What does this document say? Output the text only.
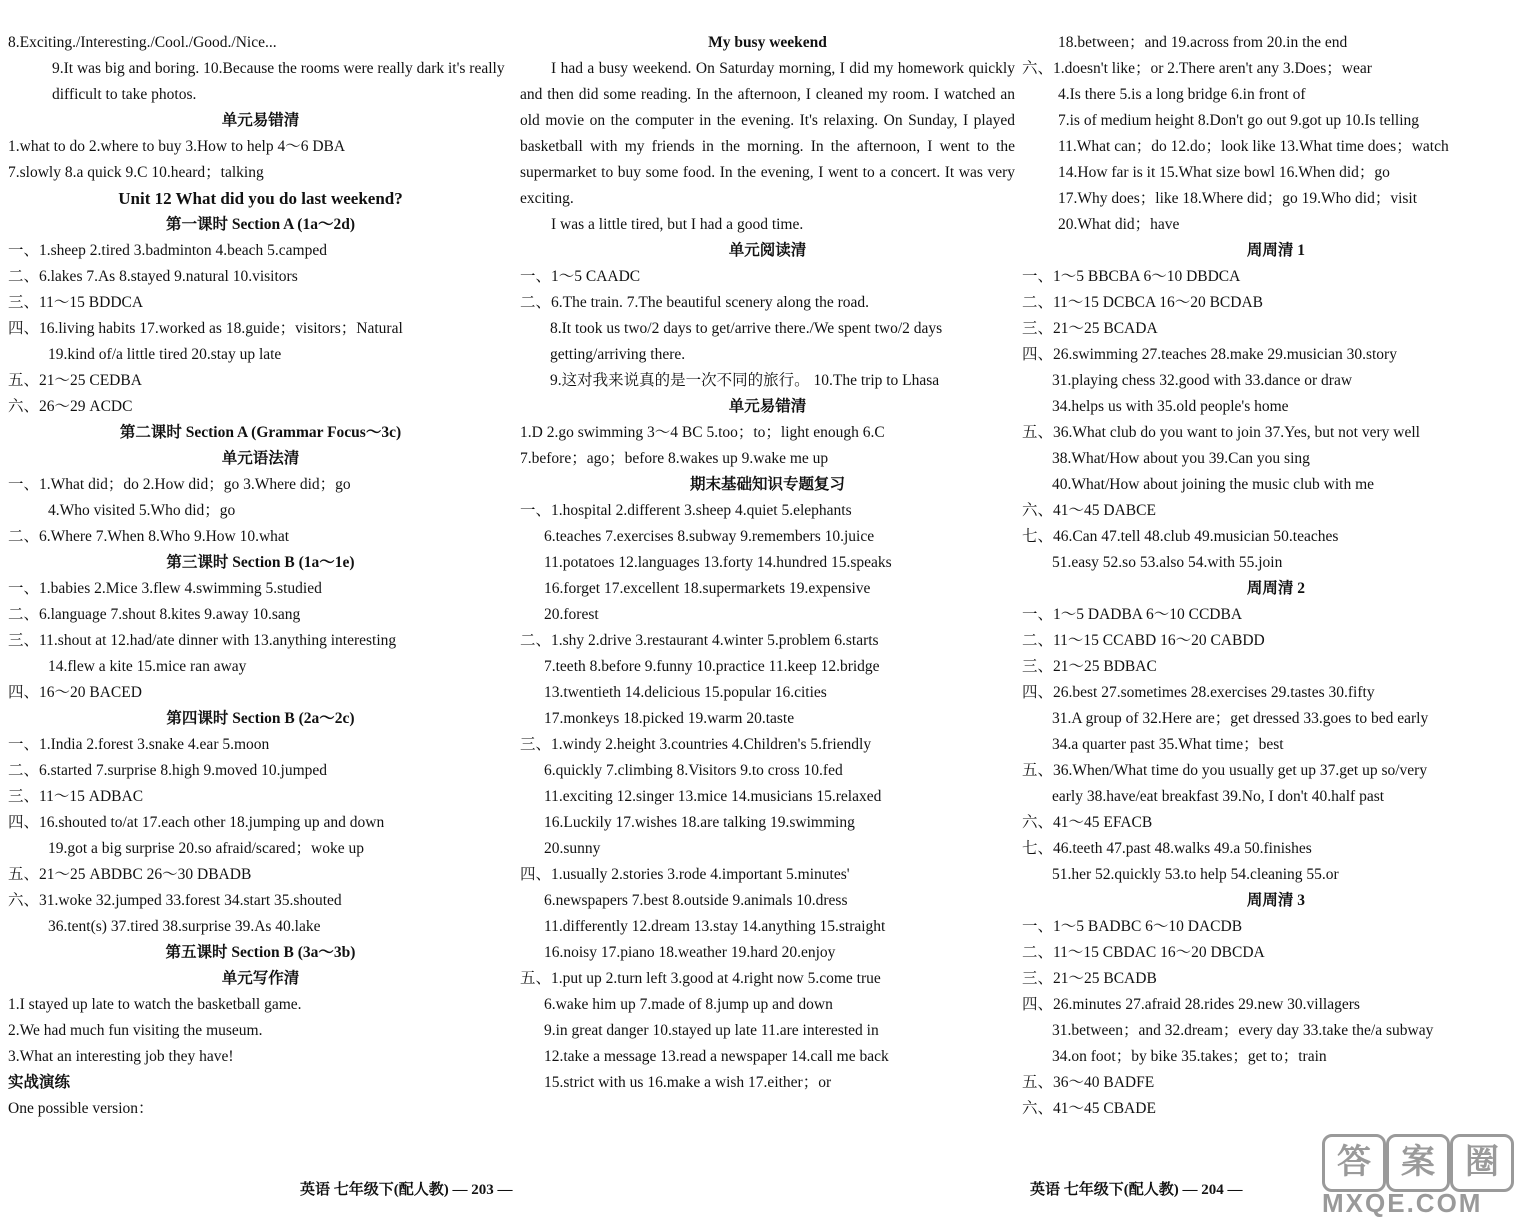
8.Exciting./Interesting./Cool./Good./Nice...
9.It was big and boring. 10.Because the rooms were really dark it's really difficult to take photos.
单元易错清
1.what to do 2.where to buy 3.How to help 4～6 DBA
7.slowly 8.a quick 9.C 10.heard；talking
Unit 12 What did you do last weekend?
第一课时 Section A (1a～2d)
一、1.sheep 2.tired 3.badminton 4.beach 5.camped
二、6.lakes 7.As 8.stayed 9.natural 10.visitors
三、11～15 BDDCA
四、16.living habits 17.worked as 18.guide；visitors；Natural
19.kind of/a little tired 20.stay up late
五、21～25 CEDBA
六、26～29 ACDC
第二课时 Section A (Grammar Focus～3c)
单元语法清
一、1.What did；do 2.How did；go 3.Where did；go
4.Who visited 5.Who did；go
二、6.Where 7.When 8.Who 9.How 10.what
第三课时 Section B (1a～1e)
一、1.babies 2.Mice 3.flew 4.swimming 5.studied
二、6.language 7.shout 8.kites 9.away 10.sang
三、11.shout at 12.had/ate dinner with 13.anything interesting
14.flew a kite 15.mice ran away
四、16～20 BACED
第四课时 Section B (2a～2c)
一、1.India 2.forest 3.snake 4.ear 5.moon
二、6.started 7.surprise 8.high 9.moved 10.jumped
三、11～15 ADBAC
四、16.shouted to/at 17.each other 18.jumping up and down
19.got a big surprise 20.so afraid/scared；woke up
五、21～25 ABDBC 26～30 DBADB
六、31.woke 32.jumped 33.forest 34.start 35.shouted
36.tent(s) 37.tired 38.surprise 39.As 40.lake
第五课时 Section B (3a～3b)
单元写作清
1.I stayed up late to watch the basketball game.
2.We had much fun visiting the museum.
3.What an interesting job they have!
实战演练
One possible version：

My busy weekend

I had a busy weekend. On Saturday morning, I did my homework quickly and then did some reading. In the afternoon, I cleaned my room. I watched an old movie on the computer in the evening. It's relaxing. On Sunday, I played basketball with my friends in the morning. In the afternoon, I went to the supermarket to buy some food. In the evening, I went to a concert. It was very exciting.

I was a little tired, but I had a good time.

单元阅读清
一、1～5 CAADC
二、6.The train. 7.The beautiful scenery along the road.
8.It took us two/2 days to get/arrive there./We spent two/2 days getting/arriving there.
9.这对我来说真的是一次不同的旅行。 10.The trip to Lhasa
单元易错清
1.D 2.go swimming 3～4 BC 5.too；to；light enough 6.C
7.before；ago；before 8.wakes up 9.wake me up
期末基础知识专题复习
一、1.hospital 2.different 3.sheep 4.quiet 5.elephants
6.teaches 7.exercises 8.subway 9.remembers 10.juice
11.potatoes 12.languages 13.forty 14.hundred 15.speaks
16.forget 17.excellent 18.supermarkets 19.expensive
20.forest
二、1.shy 2.drive 3.restaurant 4.winter 5.problem 6.starts
7.teeth 8.before 9.funny 10.practice 11.keep 12.bridge
13.twentieth 14.delicious 15.popular 16.cities
17.monkeys 18.picked 19.warm 20.taste
三、1.windy 2.height 3.countries 4.Children's 5.friendly
6.quickly 7.climbing 8.Visitors 9.to cross 10.fed
11.exciting 12.singer 13.mice 14.musicians 15.relaxed
16.Luckily 17.wishes 18.are talking 19.swimming
20.sunny
四、1.usually 2.stories 3.rode 4.important 5.minutes'
6.newspapers 7.best 8.outside 9.animals 10.dress
11.differently 12.dream 13.stay 14.anything 15.straight
16.noisy 17.piano 18.weather 19.hard 20.enjoy
五、1.put up 2.turn left 3.good at 4.right now 5.come true
6.wake him up 7.made of 8.jump up and down
9.in great danger 10.stayed up late 11.are interested in
12.take a message 13.read a newspaper 14.call me back
15.strict with us 16.make a wish 17.either；or
18.between；and 19.across from 20.in the end
六、1.doesn't like；or 2.There aren't any 3.Does；wear
4.Is there 5.is a long bridge 6.in front of
7.is of medium height 8.Don't go out 9.got up 10.Is telling
11.What can；do 12.do；look like 13.What time does；watch
14.How far is it 15.What size bowl 16.When did；go
17.Why does；like 18.Where did；go 19.Who did；visit
20.What did；have
周周清 1
一、1～5 BBCBA 6～10 DBDCA
二、11～15 DCBCA 16～20 BCDAB
三、21～25 BCADA
四、26.swimming 27.teaches 28.make 29.musician 30.story
31.playing chess 32.good with 33.dance or draw
34.helps us with 35.old people's home
五、36.What club do you want to join 37.Yes, but not very well
38.What/How about you 39.Can you sing
40.What/How about joining the music club with me
六、41～45 DABCE
七、46.Can 47.tell 48.club 49.musician 50.teaches
51.easy 52.so 53.also 54.with 55.join
周周清 2
一、1～5 DADBA 6～10 CCDBA
二、11～15 CCABD 16～20 CABDD
三、21～25 BDBAC
四、26.best 27.sometimes 28.exercises 29.tastes 30.fifty
31.A group of 32.Here are；get dressed 33.goes to bed early
34.a quarter past 35.What time；best
五、36.When/What time do you usually get up 37.get up so/very
early 38.have/eat breakfast 39.No, I don't 40.half past
六、41～45 EFACB
七、46.teeth 47.past 48.walks 49.a 50.finishes
51.her 52.quickly 53.to help 54.cleaning 55.or
周周清 3
一、1～5 BADBC 6～10 DACDB
二、11～15 CBDAC 16～20 DBCDA
三、21～25 BCADB
四、26.minutes 27.afraid 28.rides 29.new 30.villagers
31.between；and 32.dream；every day 33.take the/a subway
34.on foot；by bike 35.takes；get to；train
五、36～40 BADFE
六、41～45 CBADE
英语 七年级下(配人教) — 203 —	英语 七年级下(配人教) — 204 —
答 案 圈
MXQE.COM
